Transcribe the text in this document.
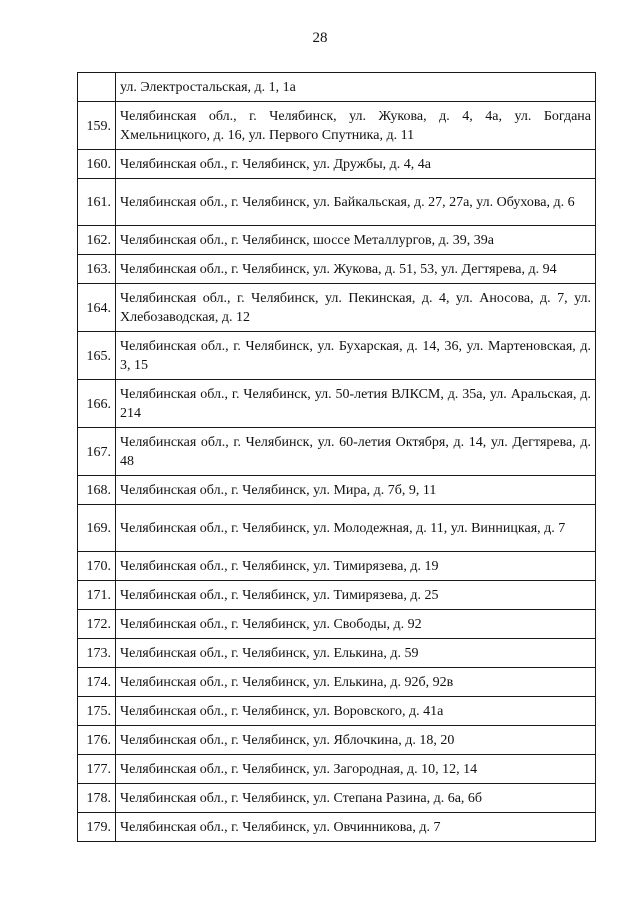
28
	ул. Электростальская, д. 1, 1а
159.	Челябинская обл., г. Челябинск, ул. Жукова, д. 4, 4а, ул. Богдана Хмельницкого, д. 16, ул. Первого Спутника, д. 11
160.	Челябинская обл., г. Челябинск, ул. Дружбы, д. 4, 4а
161.	Челябинская обл., г. Челябинск, ул. Байкальская, д. 27, 27а, ул. Обухова, д. 6
162.	Челябинская обл., г. Челябинск, шоссе Металлургов, д. 39, 39а
163.	Челябинская обл., г. Челябинск, ул. Жукова, д. 51, 53, ул. Дегтярева, д. 94
164.	Челябинская обл., г. Челябинск, ул. Пекинская, д. 4, ул. Аносова, д. 7, ул. Хлебозаводская, д. 12
165.	Челябинская обл., г. Челябинск, ул. Бухарская, д. 14, 36, ул. Мартеновская, д. 3, 15
166.	Челябинская обл., г. Челябинск, ул. 50-летия ВЛКСМ, д. 35а, ул. Аральская, д. 214
167.	Челябинская обл., г. Челябинск, ул. 60-летия Октября, д. 14, ул. Дегтярева, д. 48
168.	Челябинская обл., г. Челябинск, ул. Мира, д. 7б, 9, 11
169.	Челябинская обл., г. Челябинск, ул. Молодежная, д. 11, ул. Винницкая, д. 7
170.	Челябинская обл., г. Челябинск, ул. Тимирязева, д. 19
171.	Челябинская обл., г. Челябинск, ул. Тимирязева, д. 25
172.	Челябинская обл., г. Челябинск, ул. Свободы, д. 92
173.	Челябинская обл., г. Челябинск, ул. Елькина, д. 59
174.	Челябинская обл., г. Челябинск, ул. Елькина, д. 92б, 92в
175.	Челябинская обл., г. Челябинск, ул. Воровского, д. 41а
176.	Челябинская обл., г. Челябинск, ул. Яблочкина, д. 18, 20
177.	Челябинская обл., г. Челябинск, ул. Загородная, д. 10, 12, 14
178.	Челябинская обл., г. Челябинск, ул. Степана Разина, д. 6а, 6б
179.	Челябинская обл., г. Челябинск, ул. Овчинникова, д. 7
